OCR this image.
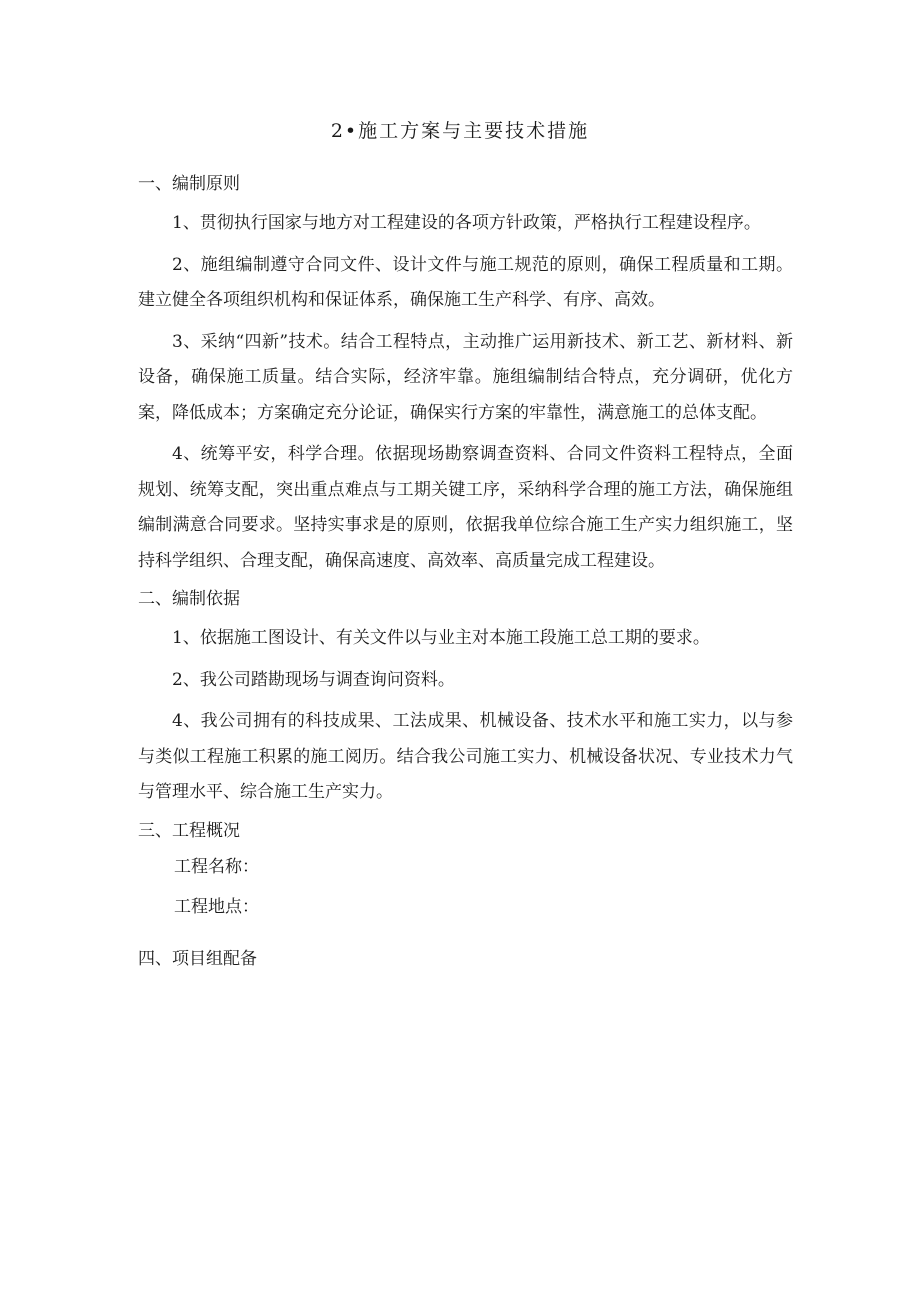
2•施工方案与主要技术措施
一、编制原则

1、贯彻执行国家与地方对工程建设的各项方针政策，严格执行工程建设程序。

2、施组编制遵守合同文件、设计文件与施工规范的原则，确保工程质量和工期。建立健全各项组织机构和保证体系，确保施工生产科学、有序、高效。

3、采纳“四新”技术。结合工程特点，主动推广运用新技术、新工艺、新材料、新设备，确保施工质量。结合实际，经济牢靠。施组编制结合特点，充分调研，优化方案，降低成本；方案确定充分论证，确保实行方案的牢靠性，满意施工的总体支配。

4、统筹平安，科学合理。依据现场勘察调查资料、合同文件资料工程特点，全面规划、统筹支配，突出重点难点与工期关键工序，采纳科学合理的施工方法，确保施组编制满意合同要求。坚持实事求是的原则，依据我单位综合施工生产实力组织施工，坚持科学组织、合理支配，确保高速度、高效率、高质量完成工程建设。

二、编制依据

1、依据施工图设计、有关文件以与业主对本施工段施工总工期的要求。

2、我公司踏勘现场与调查询问资料。

4、我公司拥有的科技成果、工法成果、机械设备、技术水平和施工实力，以与参与类似工程施工积累的施工阅历。结合我公司施工实力、机械设备状况、专业技术力气与管理水平、综合施工生产实力。

三、工程概况
工程名称：
工程地点：
四、项目组配备
